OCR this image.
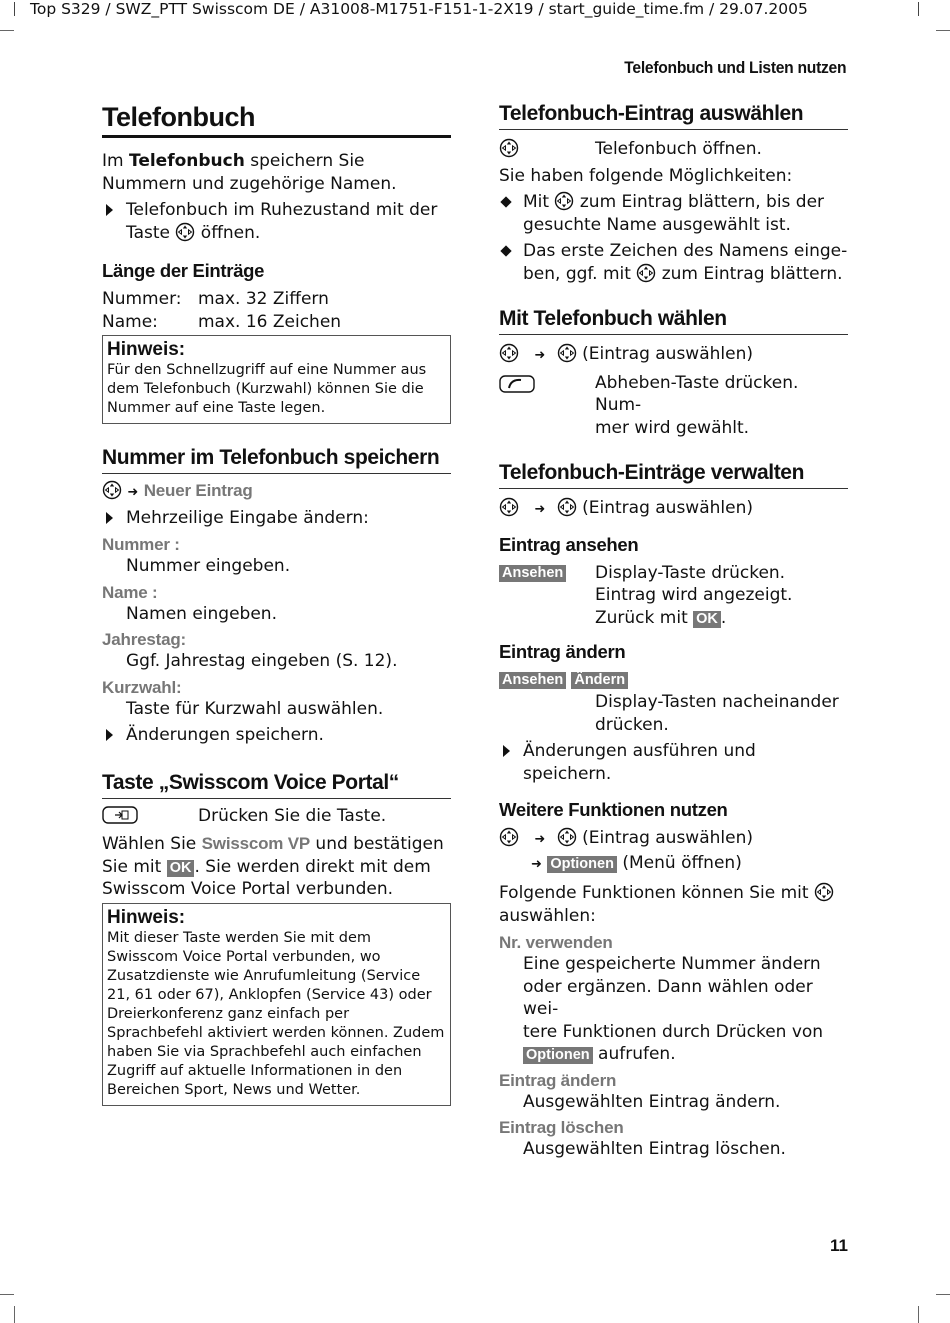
Top S329 / SWZ_PTT Swisscom DE / A31008-M1751-F151-1-2X19 / start_guide_time.fm / 29.07.2005
Telefonbuch und Listen nutzen
Telefonbuch
Im Telefonbuch speichern Sie Nummern und zugehörige Namen.
Telefonbuch im Ruhezustand mit der
Taste öffnen.
Länge der Einträge
Nummer: max. 32 Ziffern
Name: max. 16 Zeichen
Hinweis:
Für den Schnellzugriff auf eine Nummer aus dem Telefonbuch (Kurzwahl) können Sie die Nummer auf eine Taste legen.
Nummer im Telefonbuch speichern
➜ Neuer Eintrag
Mehrzeilige Eingabe ändern:
Nummer :
Nummer eingeben.
Name :
Namen eingeben.
Jahrestag:
Ggf. Jahrestag eingeben (S. 12).
Kurzwahl:
Taste für Kurzwahl auswählen.
Änderungen speichern.
Taste „Swisscom Voice Portal“
Drücken Sie die Taste.
Wählen Sie Swisscom VP und bestätigen
Sie mit OK . Sie werden direkt mit dem
Swisscom Voice Portal verbunden.
Hinweis:
Mit dieser Taste werden Sie mit dem Swisscom Voice Portal verbunden, wo Zusatzdienste wie Anrufumleitung (Service 21, 61 oder 67), Anklopfen (Service 43) oder Dreierkonferenz ganz einfach per Sprachbefehl aktiviert werden können. Zudem haben Sie via Sprachbefehl auch einfachen Zugriff auf aktuelle Informationen in den Bereichen Sport, News und Wetter.
Telefonbuch-Eintrag auswählen
Telefonbuch öffnen.
Sie haben folgende Möglichkeiten:
Mit zum Eintrag blättern, bis der
gesuchte Name ausgewählt ist.
Das erste Zeichen des Namens einge-
ben, ggf. mit zum Eintrag blättern.
Mit Telefonbuch wählen
➜ (Eintrag auswählen)
Abheben-Taste drücken. Num-
mer wird gewählt.
Telefonbuch-Einträge verwalten
➜ (Eintrag auswählen)
Eintrag ansehen
Ansehen Display-Taste drücken.
Eintrag wird angezeigt.
Zurück mit OK .
Eintrag ändern
Ansehen Ändern
Display-Tasten nacheinander
drücken.
Änderungen ausführen und speichern.
Weitere Funktionen nutzen
➜ (Eintrag auswählen)
➜ Optionen (Menü öffnen)
Folgende Funktionen können Sie mit
auswählen:
Nr. verwenden
Eine gespeicherte Nummer ändern
oder ergänzen. Dann wählen oder wei-
tere Funktionen durch Drücken von
Optionen aufrufen.
Eintrag ändern
Ausgewählten Eintrag ändern.
Eintrag löschen
Ausgewählten Eintrag löschen.
11
